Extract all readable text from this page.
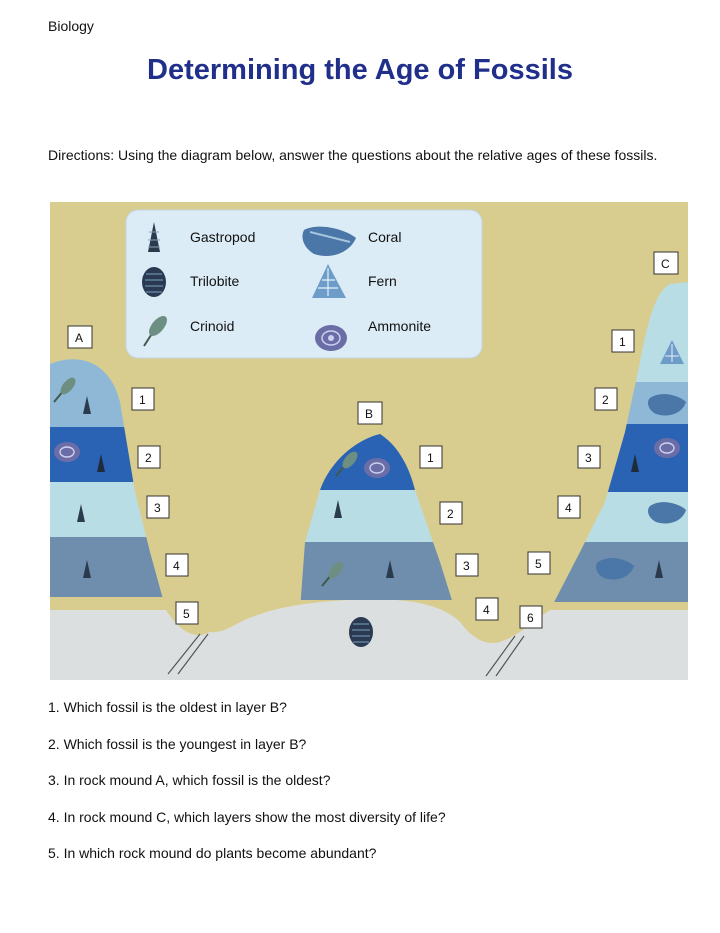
Biology
Determining the Age of Fossils
Directions: Using the diagram below, answer the questions about the relative ages of these fossils.
Gastropod
Trilobite
Crinoid
Coral
Fern
Ammonite
A
B
C
1
2
3
4
5
1
2
3
4
1
2
3
4
5
6
1. Which fossil is the oldest in layer B?
2. Which fossil is the youngest in layer B?
3. In rock mound A, which fossil is the oldest?
4. In rock mound C, which layers show the most diversity of life?
5. In which rock mound do plants become abundant?
